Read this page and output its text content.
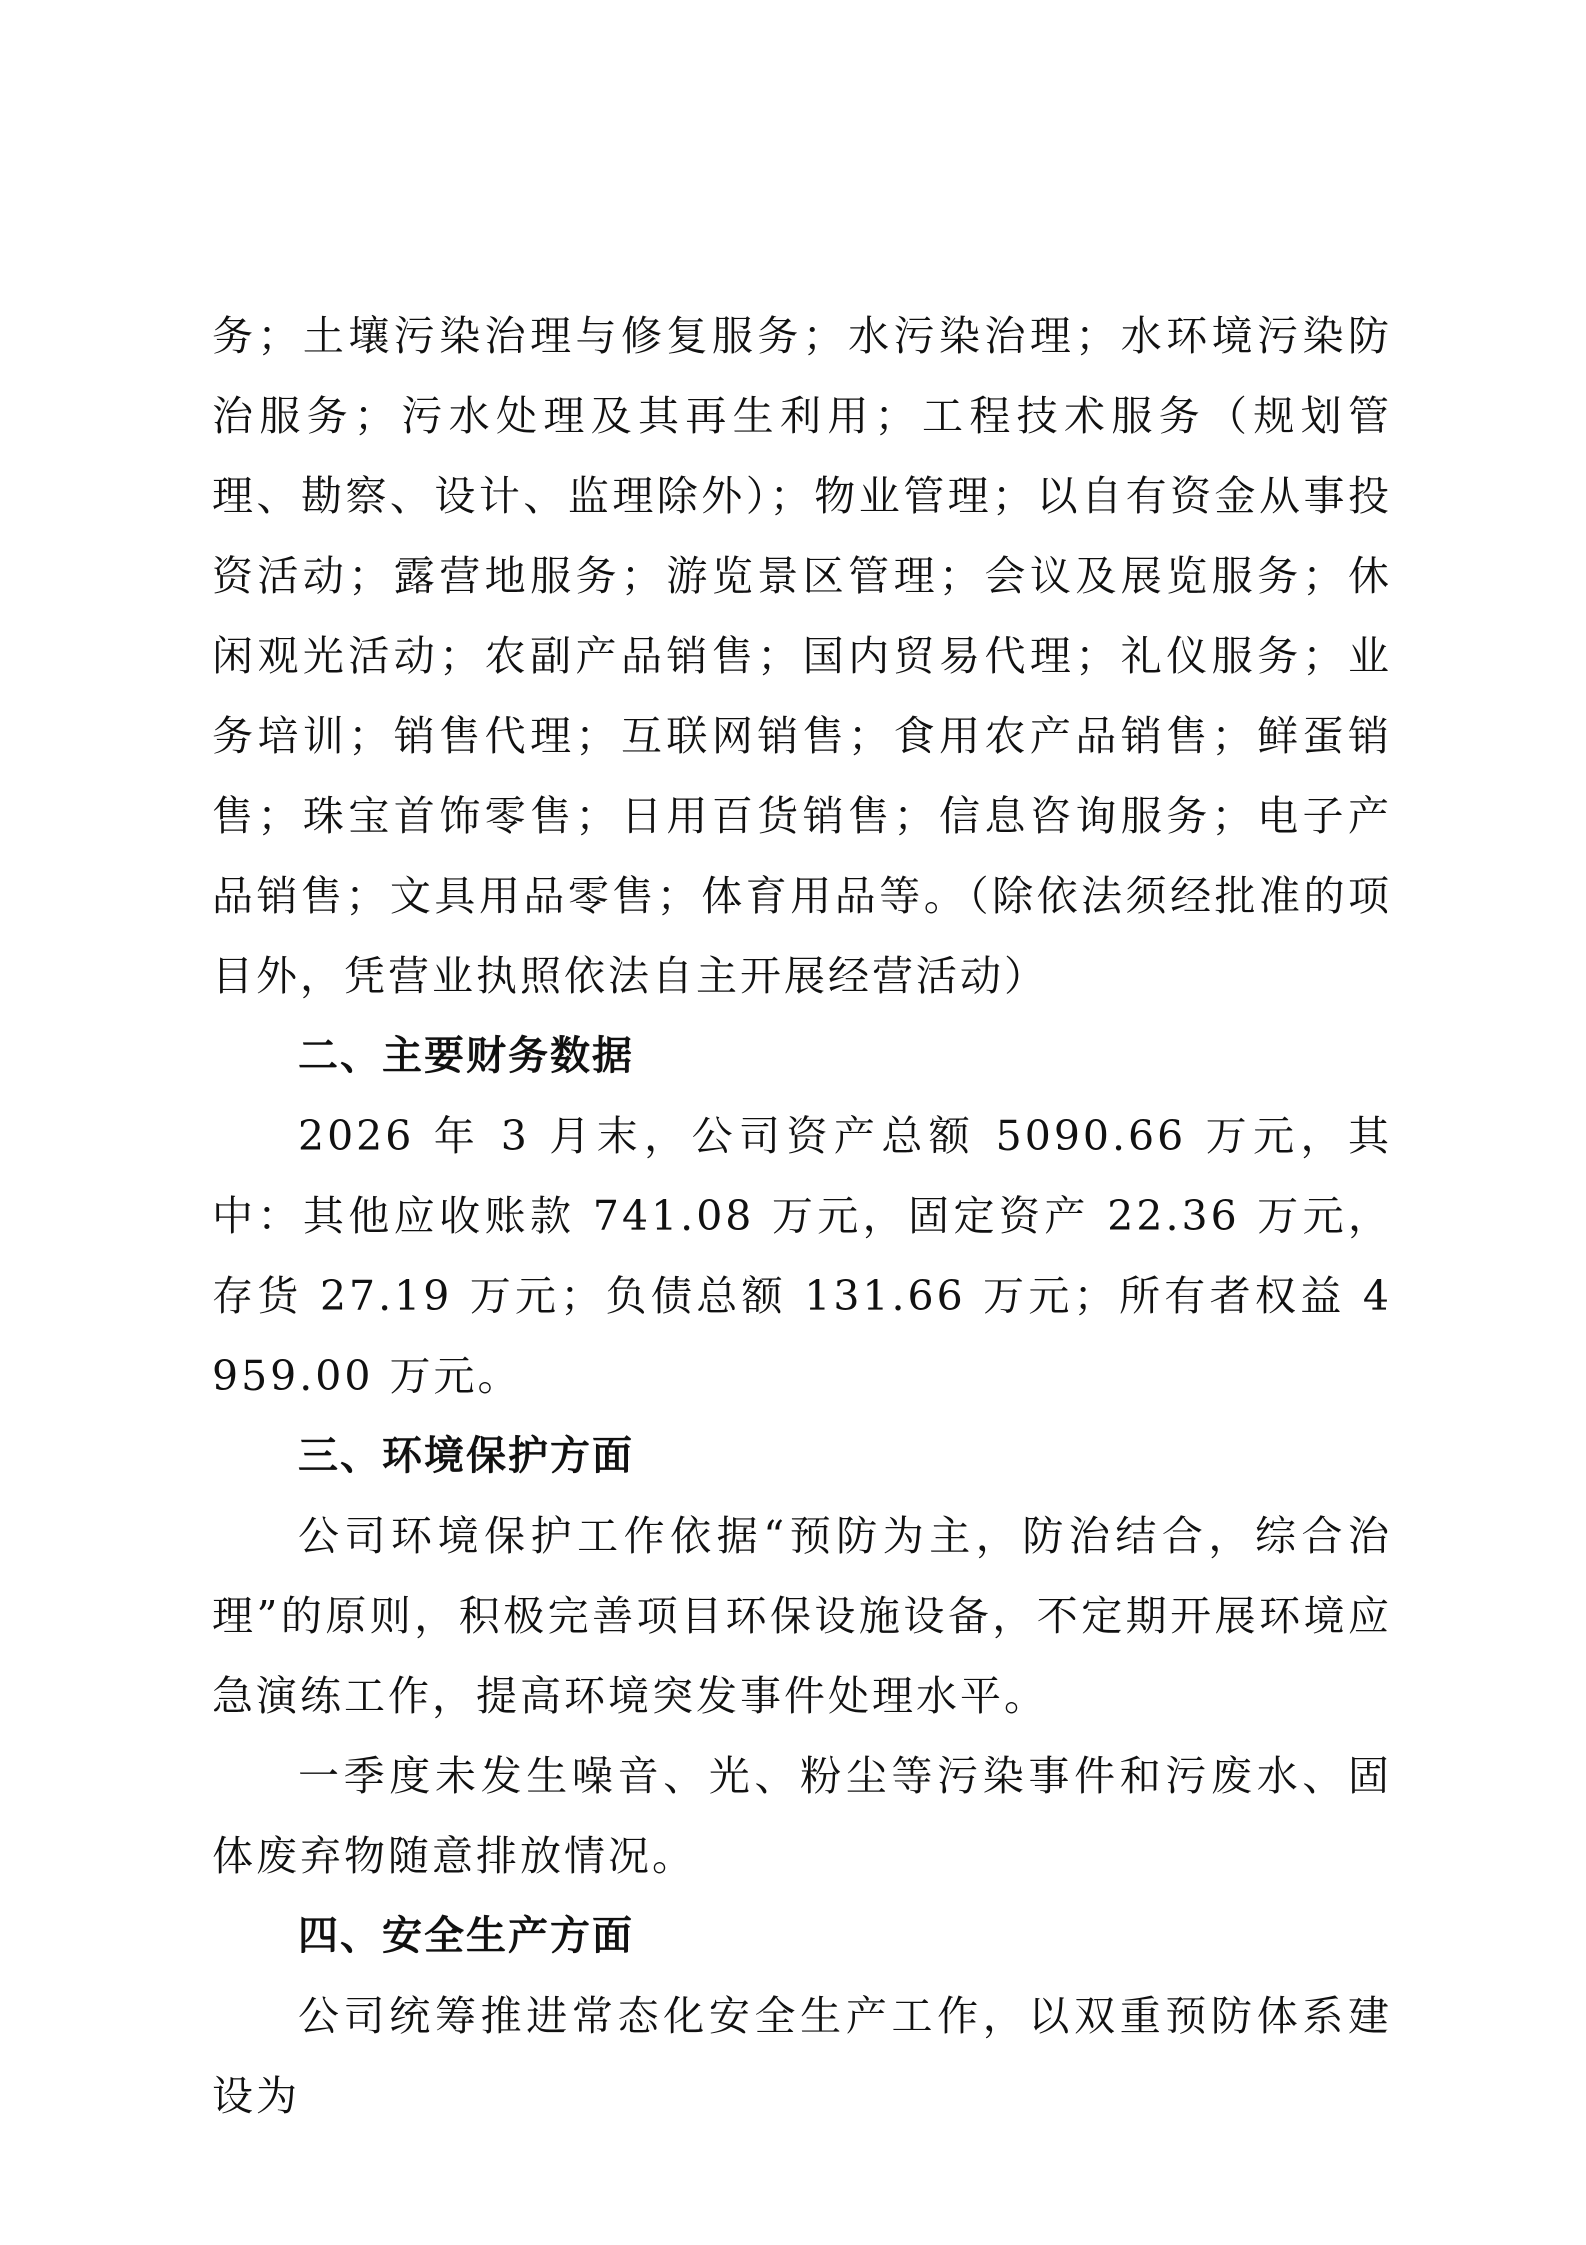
务；土壤污染治理与修复服务；水污染治理；水环境污染防治服务；污水处理及其再生利用；工程技术服务（规划管理、勘察、设计、监理除外）；物业管理；以自有资金从事投资活动；露营地服务；游览景区管理；会议及展览服务；休闲观光活动；农副产品销售；国内贸易代理；礼仪服务；业务培训；销售代理；互联网销售；食用农产品销售；鲜蛋销售；珠宝首饰零售；日用百货销售；信息咨询服务；电子产品销售；文具用品零售；体育用品等。（除依法须经批准的项目外，凭营业执照依法自主开展经营活动）

二、主要财务数据

2026 年 3 月末，公司资产总额 5090.66 万元，其中：其他应收账款 741.08 万元，固定资产 22.36 万元，存货 27.19 万元；负债总额 131.66 万元；所有者权益 4959.00 万元。

三、环境保护方面

公司环境保护工作依据“预防为主，防治结合，综合治理”的原则，积极完善项目环保设施设备，不定期开展环境应急演练工作，提高环境突发事件处理水平。

一季度未发生噪音、光、粉尘等污染事件和污废水、固体废弃物随意排放情况。

四、安全生产方面

公司统筹推进常态化安全生产工作，以双重预防体系建设为
